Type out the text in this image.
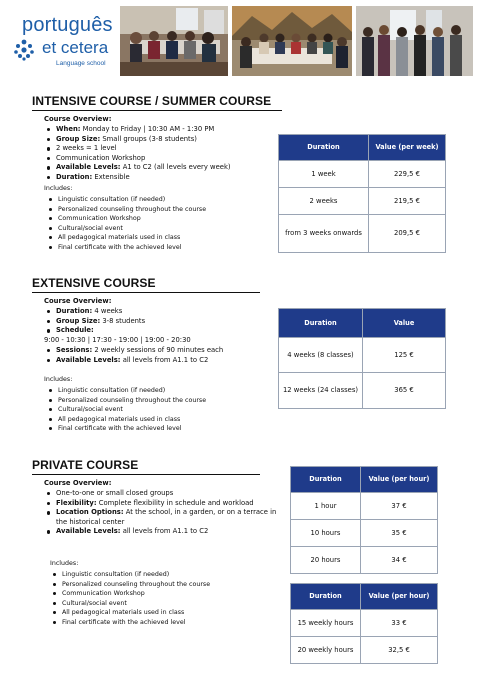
português
et cetera
Language school
INTENSIVE COURSE / SUMMER COURSE
Course Overview:
When: Monday to Friday | 10:30 AM - 1:30 PM
Group Size: Small groups (3-8 students)
2 weeks = 1 level
Communication Workshop
Available Levels: A1 to C2 (all levels every week)
Duration: Extensible
Includes:
Linguistic consultation (if needed)
Personalized counseling throughout the course
Communication Workshop
Cultural/social event
All pedagogical materials used in class
Final certificate with the achieved level
Duration	Value (per week)
1 week	229,5 €
2 weeks	219,5 €
from 3 weeks onwards	209,5 €
EXTENSIVE COURSE
Course Overview:
Duration: 4 weeks
Group Size: 3-8 students
Schedule:
9:00 - 10:30 | 17:30 - 19:00 | 19:00 - 20:30
Sessions: 2 weekly sessions of 90 minutes each
Available Levels: all levels from A1.1 to C2
Includes:
Linguistic consultation (if needed)
Personalized counseling throughout the course
Cultural/social event
All pedagogical materials used in class
Final certificate with the achieved level
Duration	Value
4 weeks (8 classes)	125 €
12 weeks (24 classes)	365 €
PRIVATE COURSE
Course Overview:
One-to-one or small closed groups
Flexibility: Complete flexibility in schedule and workload
Location Options: At the school, in a garden, or on a terrace in the historical center
Available Levels: all levels from A1.1 to C2
Includes:
Linguistic consultation (if needed)
Personalized counseling throughout the course
Communication Workshop
Cultural/social event
All pedagogical materials used in class
Final certificate with the achieved level
Duration	Value (per hour)
1 hour	37 €
10 hours	35 €
20 hours	34 €
Duration	Value (per hour)
15 weekly hours	33 €
20 weekly hours	32,5 €
